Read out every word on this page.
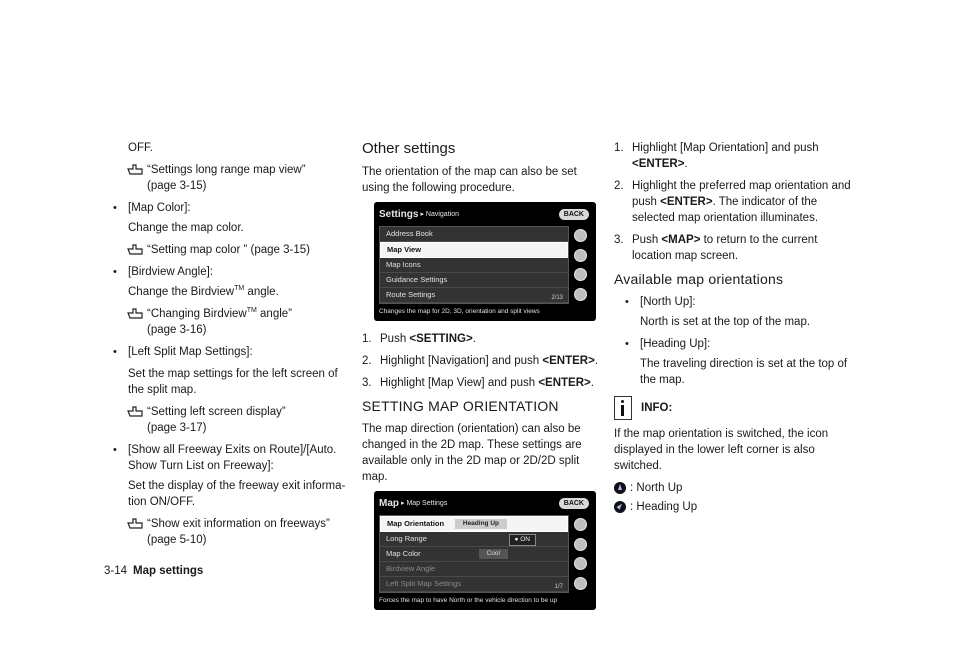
OFF.

“Settings long range map view”
(page 3-15)
• [Map Color]:
Change the map color.
“Setting map color ” (page 3-15)
• [Birdview Angle]:
Change the Birdview™ angle.
“Changing Birdview™ angle”
(page 3-16)
• [Left Split Map Settings]:

Set the map settings for the left screen of the split map.

“Setting left screen display”
(page 3-17)
• [Show all Freeway Exits on Route]/[Auto. Show Turn List on Freeway]:
Set the display of the freeway exit informa-tion ON/OFF.
“Show exit information on freeways”
(page 5-10)
Other settings

The orientation of the map can also be set using the following procedure.

Settings ▸ Navigation	BACK
Address Book
Map View
Map Icons
Guidance Settings
Route Settings	2/13
Changes the map for 2D, 3D, orientation and split views
1. Push <SETTING>.
2. Highlight [Navigation] and push <ENTER>.
3. Highlight [Map View] and push <ENTER>.
SETTING MAP ORIENTATION

The map direction (orientation) can also be changed in the 2D map. These settings are available only in the 2D map or 2D/2D split map.

Map ▸ Map Settings	BACK
Map Orientation	Heading Up
Long Range	● ON
Map Color	Cool
Birdview Angle
Left Split Map Settings	1/7
Forces the map to have North or the vehicle direction to be up
1. Highlight [Map Orientation] and push <ENTER>.
2. Highlight the preferred map orientation and push <ENTER>. The indicator of the selected map orientation illuminates.
3. Push <MAP> to return to the current location map screen.
Available map orientations
• [North Up]:
North is set at the top of the map.
• [Heading Up]:
The traveling direction is set at the top of the map.
INFO:

If the map orientation is switched, the icon displayed in the lower left corner is also switched.

: North Up
: Heading Up
3-14 Map settings
